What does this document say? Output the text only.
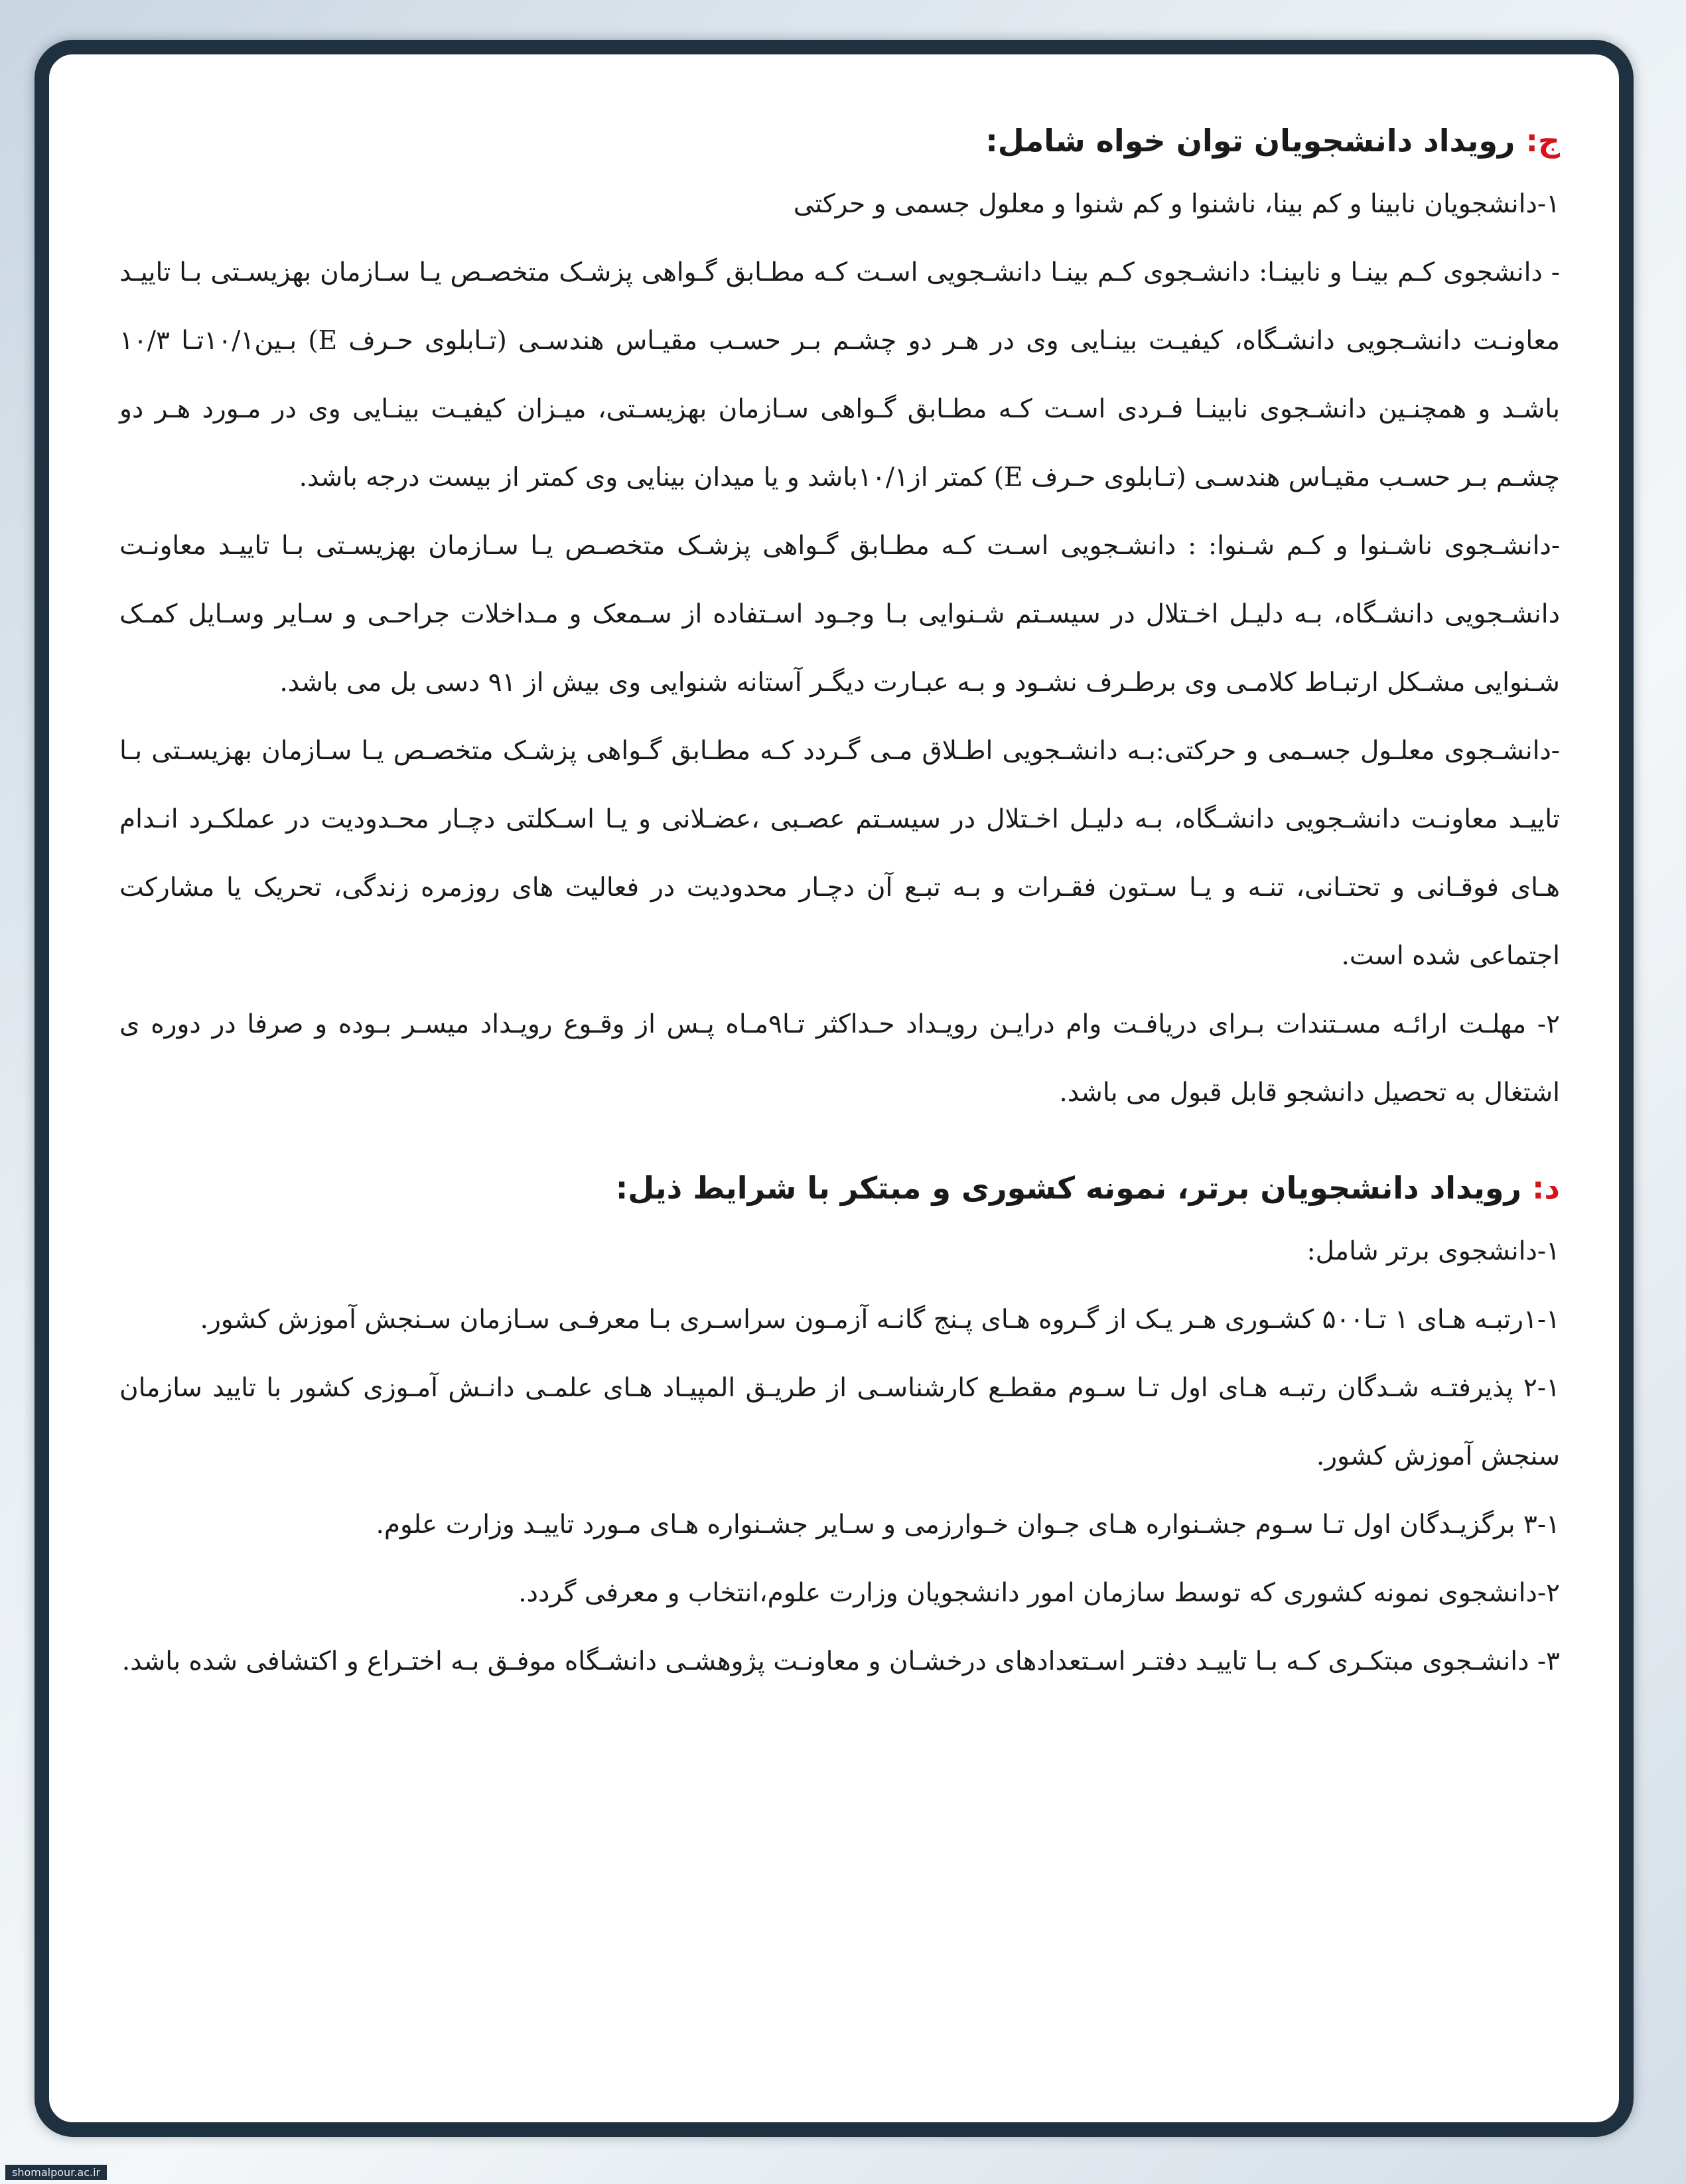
ج: رویداد دانشجویان توان خواه شامل:

۱-دانشجویان نابینا و کم بینا، ناشنوا و کم شنوا و معلول جسمی و حرکتی

- دانشجوی کـم بینـا و نابینـا: دانشـجوی کـم بینـا دانشـجویی اسـت کـه مطـابق گـواهی پزشـک متخصـص یـا سـازمان بهزیسـتی بـا تاییـد معاونـت دانشـجویی دانشـگاه، کیفیـت بینـایی وی در هـر دو چشـم بـر حسـب مقیـاس هندسـی (تـابلوی حـرف E) بـین۱۰/۱تـا ۱۰/۳ باشـد و همچنـین دانشـجوی نابینـا فـردی اسـت کـه مطـابق گـواهی سـازمان بهزیسـتی، میـزان کیفیـت بینـایی وی در مـورد هـر دو چشـم بـر حسـب مقیـاس هندسـی (تـابلوی حـرف E) کمتر از۱۰/۱باشد و یا میدان بینایی وی کمتر از بیست درجه باشد.

-دانشـجوی ناشـنوا و کـم شـنوا: : دانشـجویی اسـت کـه مطـابق گـواهی پزشـک متخصـص یـا سـازمان بهزیسـتی بـا تاییـد معاونـت دانشـجویی دانشـگاه، بـه دلیـل اخـتلال در سیسـتم شـنوایی بـا وجـود اسـتفاده از سـمعک و مـداخلات جراحـی و سـایر وسـایل کمـک شـنوایی مشـکل ارتبـاط کلامـی وی برطـرف نشـود و بـه عبـارت دیگـر آستانه شنوایی وی بیش از ۹۱ دسی بل می باشد.

-دانشـجوی معلـول جسـمی و حرکتی:بـه دانشـجویی اطـلاق مـی گـردد کـه مطـابق گـواهی پزشـک متخصـص یـا سـازمان بهزیسـتی بـا تاییـد معاونـت دانشـجویی دانشـگاه، بـه دلیـل اخـتلال در سیسـتم عصـبی ،عضـلانی و یـا اسـکلتی دچـار محـدودیت در عملکـرد انـدام هـای فوقـانی و تحتـانی، تنـه و یـا سـتون فقـرات و بـه تبـع آن دچـار محدودیت در فعالیت های روزمره زندگی، تحریک یا مشارکت اجتماعی شده است.

۲- مهلـت ارائـه مسـتندات بـرای دریافـت وام درایـن رویـداد حـداکثر تـا۹مـاه پـس از وقـوع رویـداد میسـر بـوده و صرفا در دوره ی اشتغال به تحصیل دانشجو قابل قبول می باشد.

د: رویداد دانشجویان برتر، نمونه کشوری و مبتکر با شرایط ذیل:

۱-دانشجوی برتر شامل:

۱-۱رتبـه هـای ۱ تـا۵۰۰ کشـوری هـر یـک از گـروه هـای پـنج گانـه آزمـون سراسـری بـا معرفـی سـازمان سـنجش آموزش کشور.

۲-۱ پذیرفتـه شـدگان رتبـه هـای اول تـا سـوم مقطـع کارشناسـی از طریـق المپیـاد هـای علمـی دانـش آمـوزی کشور با تایید سازمان سنجش آموزش کشور.

۳-۱ برگزیـدگان اول تـا سـوم جشـنواره هـای جـوان خـوارزمی و سـایر جشـنواره هـای مـورد تاییـد وزارت علوم.

۲-دانشجوی نمونه کشوری که توسط سازمان امور دانشجویان وزارت علوم،انتخاب و معرفی گردد.

۳- دانشـجوی مبتکـری کـه بـا تاییـد دفتـر اسـتعدادهای درخشـان و معاونـت پژوهشـی دانشـگاه موفـق بـه اختـراع و اکتشافی شده باشد.

shomalpour.ac.ir
